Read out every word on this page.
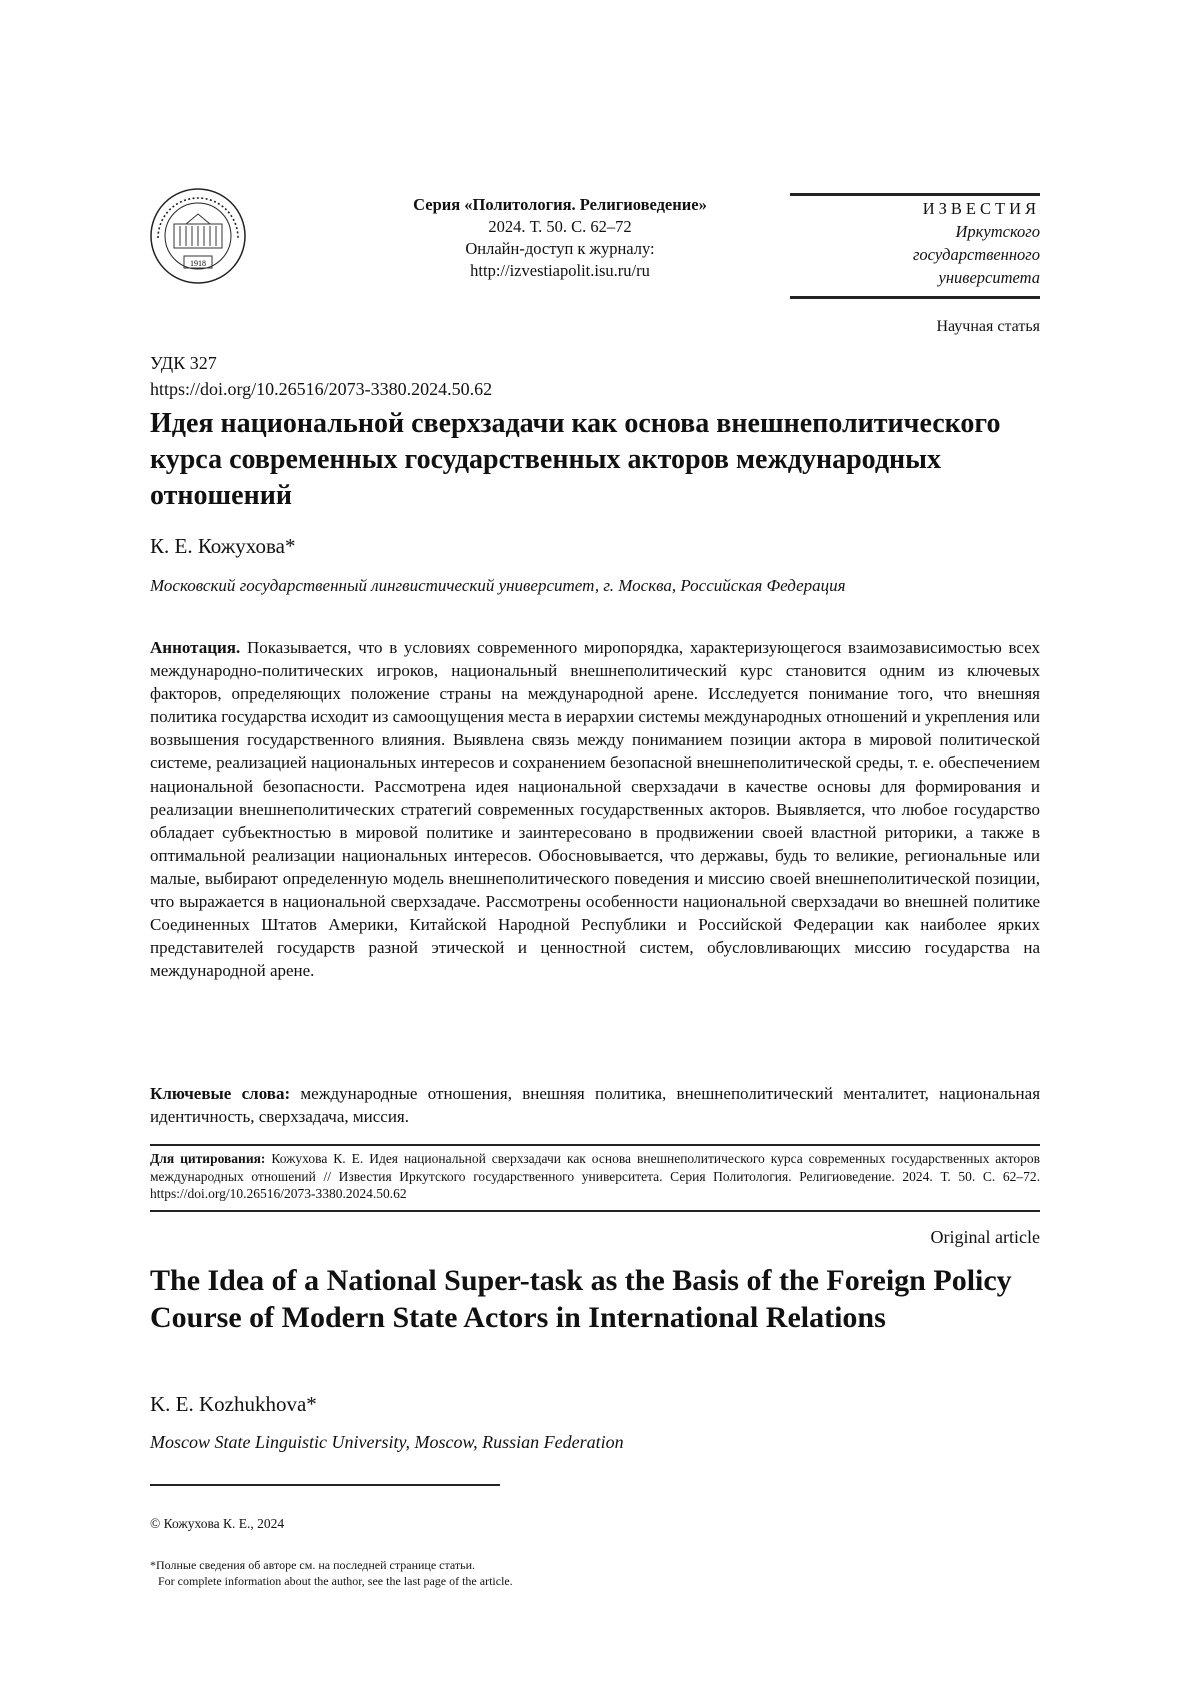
1918
Серия «Политология. Религиоведение»
2024. Т. 50. С. 62–72
Онлайн-доступ к журналу:
http://izvestiapolit.isu.ru/ru
ИЗВЕСТИЯ
Иркутского
государственного
университета
Научная статья
УДК 327
https://doi.org/10.26516/2073-3380.2024.50.62
Идея национальной сверхзадачи как основа внешнеполитического курса современных государственных акторов международных отношений
К. Е. Кожухова*
Московский государственный лингвистический университет, г. Москва, Российская Федерация
Аннотация. Показывается, что в условиях современного миропорядка, характеризующегося взаимозависимостью всех международно-политических игроков, национальный внешнеполитический курс становится одним из ключевых факторов, определяющих положение страны на международной арене. Исследуется понимание того, что внешняя политика государства исходит из самоощущения места в иерархии системы международных отношений и укрепления или возвышения государственного влияния. Выявлена связь между пониманием позиции актора в мировой политической системе, реализацией национальных интересов и сохранением безопасной внешнеполитической среды, т. е. обеспечением национальной безопасности. Рассмотрена идея национальной сверхзадачи в качестве основы для формирования и реализации внешнеполитических стратегий современных государственных акторов. Выявляется, что любое государство обладает субъектностью в мировой политике и заинтересовано в продвижении своей властной риторики, а также в оптимальной реализации национальных интересов. Обосновывается, что державы, будь то великие, региональные или малые, выбирают определенную модель внешнеполитического поведения и миссию своей внешнеполитической позиции, что выражается в национальной сверхзадаче. Рассмотрены особенности национальной сверхзадачи во внешней политике Соединенных Штатов Америки, Китайской Народной Республики и Российской Федерации как наиболее ярких представителей государств разной этической и ценностной систем, обусловливающих миссию государства на международной арене.
Ключевые слова: международные отношения, внешняя политика, внешнеполитический менталитет, национальная идентичность, сверхзадача, миссия.
Для цитирования: Кожухова К. Е. Идея национальной сверхзадачи как основа внешнеполитического курса современных государственных акторов международных отношений // Известия Иркутского государственного университета. Серия Политология. Религиоведение. 2024. Т. 50. С. 62–72. https://doi.org/10.26516/2073-3380.2024.50.62
Original article
The Idea of a National Super-task as the Basis of the Foreign Policy Course of Modern State Actors in International Relations
K. E. Kozhukhova*
Moscow State Linguistic University, Moscow, Russian Federation
© Кожухова К. Е., 2024
*Полные сведения об авторе см. на последней странице статьи.
For complete information about the author, see the last page of the article.
